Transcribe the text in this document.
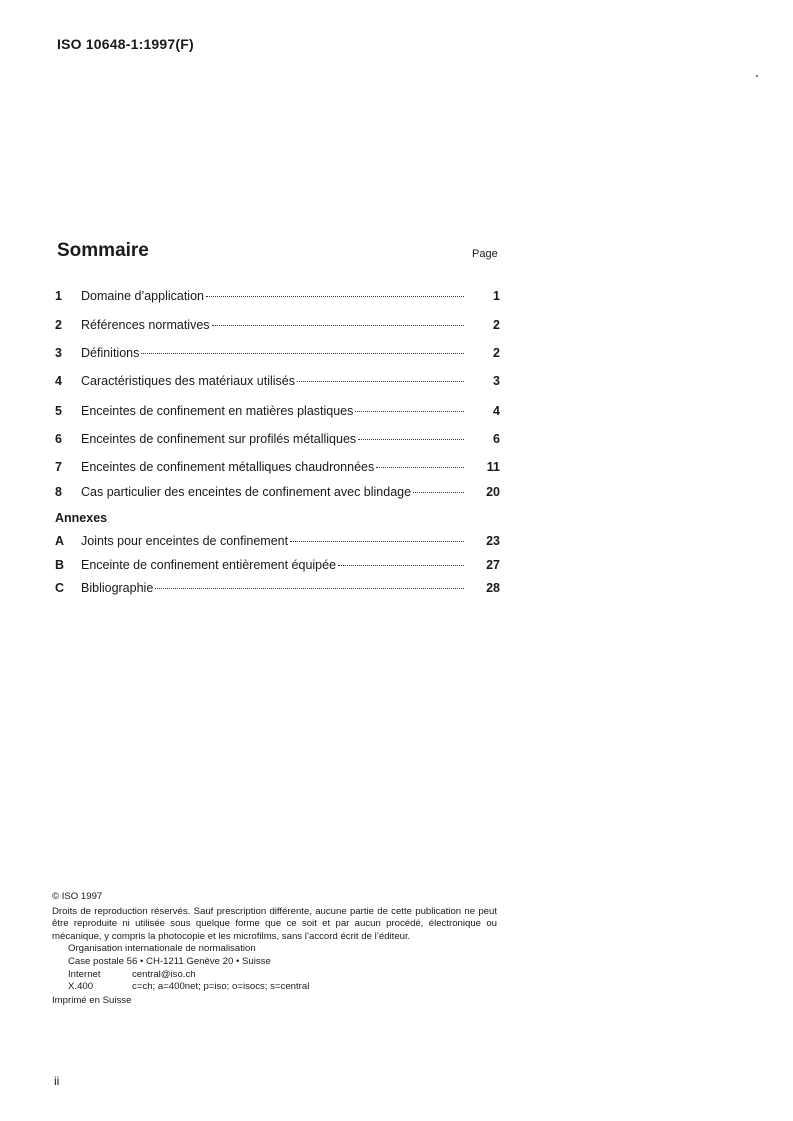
ISO 10648-1:1997(F)
Sommaire	Page
1	Domaine d’application	1
2	Références normatives	2
3	Définitions	2
4	Caractéristiques des matériaux utilisés	3
5	Enceintes de confinement en matières plastiques	4
6	Enceintes de confinement sur profilés métalliques	6
7	Enceintes de confinement métalliques chaudronnées	11
8	Cas particulier des enceintes de confinement avec blindage	20
Annexes
A	Joints pour enceintes de confinement	23
B	Enceinte de confinement entièrement équipée	27
C	Bibliographie	28
© ISO 1997
Droits de reproduction réservés. Sauf prescription différente, aucune partie de cette publication ne peut être reproduite ni utilisée sous quelque forme que ce soit et par aucun procédé, électronique ou mécanique, y compris la photocopie et les microfilms, sans l’accord écrit de l’éditeur.
Organisation internationale de normalisation
Case postale 56 • CH-1211 Genève 20 • Suisse
Internet	central@iso.ch
X.400	c=ch; a=400net; p=iso; o=isocs; s=central
Imprimé en Suisse
ii
